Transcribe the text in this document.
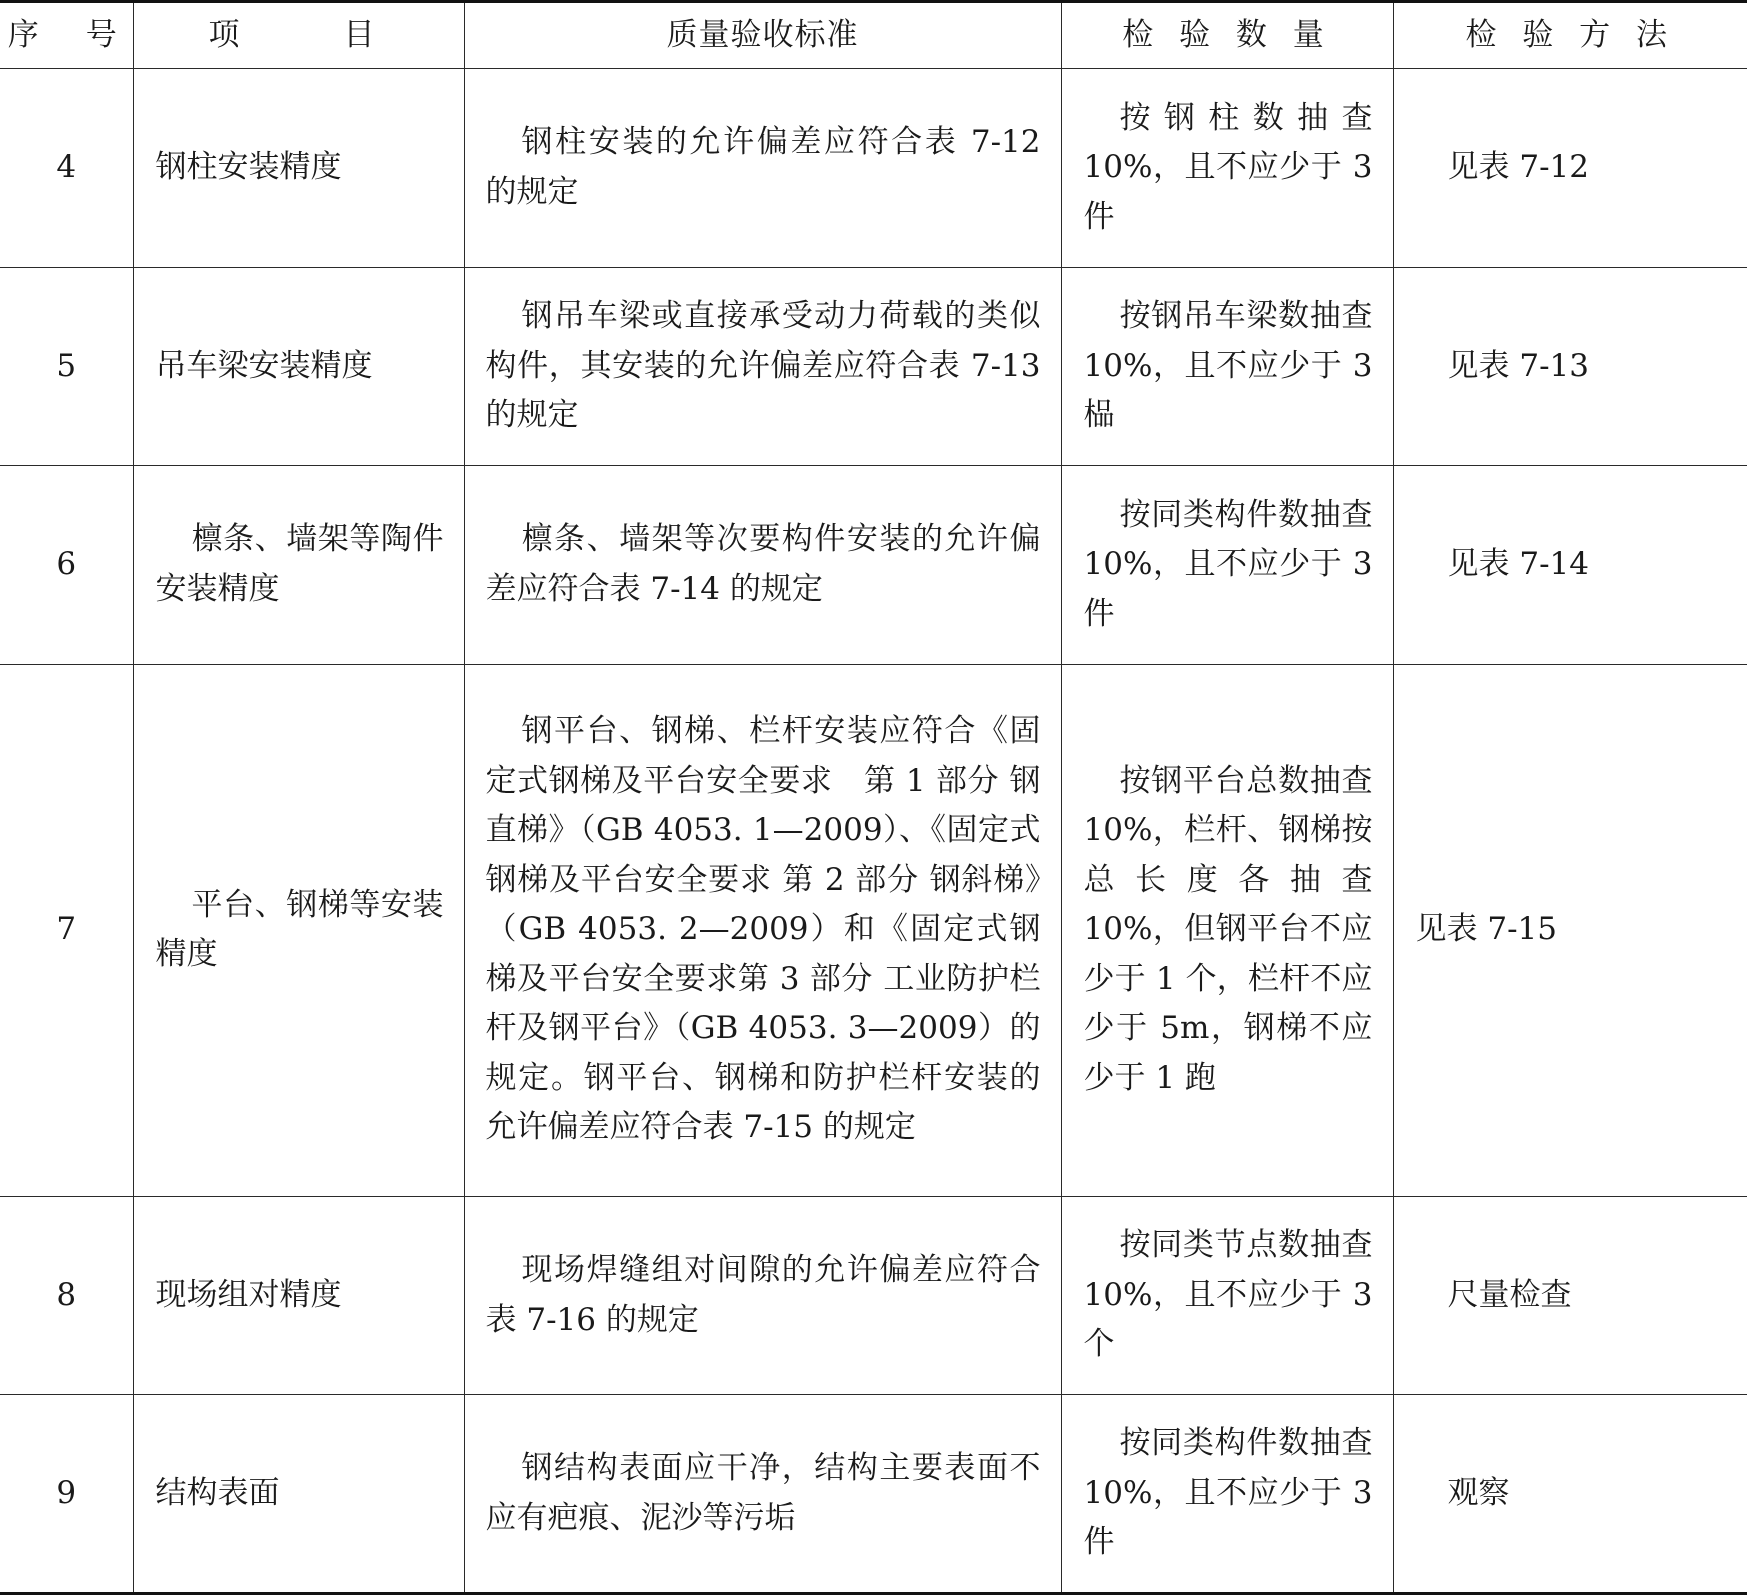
序　号	项　　目	质量验收标准	检 验 数 量	检 验 方 法
4	钢柱安装精度	钢柱安装的允许偏差应符合表 7-12 的规定	按钢柱数抽查 10%，且不应少于 3 件	见表 7-12
5	吊车梁安装精度	钢吊车梁或直接承受动力荷载的类似构件，其安装的允许偏差应符合表 7-13 的规定	按钢吊车梁数抽查 10%，且不应少于 3 榀	见表 7-13
6	檩条、墙架等陶件安装精度	檩条、墙架等次要构件安装的允许偏差应符合表 7-14 的规定	按同类构件数抽查 10%，且不应少于 3 件	见表 7-14
7	平台、钢梯等安装精度	钢平台、钢梯、栏杆安装应符合《固定式钢梯及平台安全要求　第 1 部分 钢直梯》（GB 4053. 1—2009）、《固定式钢梯及平台安全要求 第 2 部分 钢斜梯》（GB 4053. 2—2009）和《固定式钢梯及平台安全要求第 3 部分 工业防护栏杆及钢平台》（GB 4053. 3—2009）的规定。钢平台、钢梯和防护栏杆安装的允许偏差应符合表 7-15 的规定	按钢平台总数抽查 10%，栏杆、钢梯按总长度各抽查 10%，但钢平台不应少于 1 个，栏杆不应少于 5m，钢梯不应少于 1 跑	见表 7-15
8	现场组对精度	现场焊缝组对间隙的允许偏差应符合表 7-16 的规定	按同类节点数抽查 10%，且不应少于 3 个	尺量检查
9	结构表面	钢结构表面应干净，结构主要表面不应有疤痕、泥沙等污垢	按同类构件数抽查 10%，且不应少于 3 件	观察
